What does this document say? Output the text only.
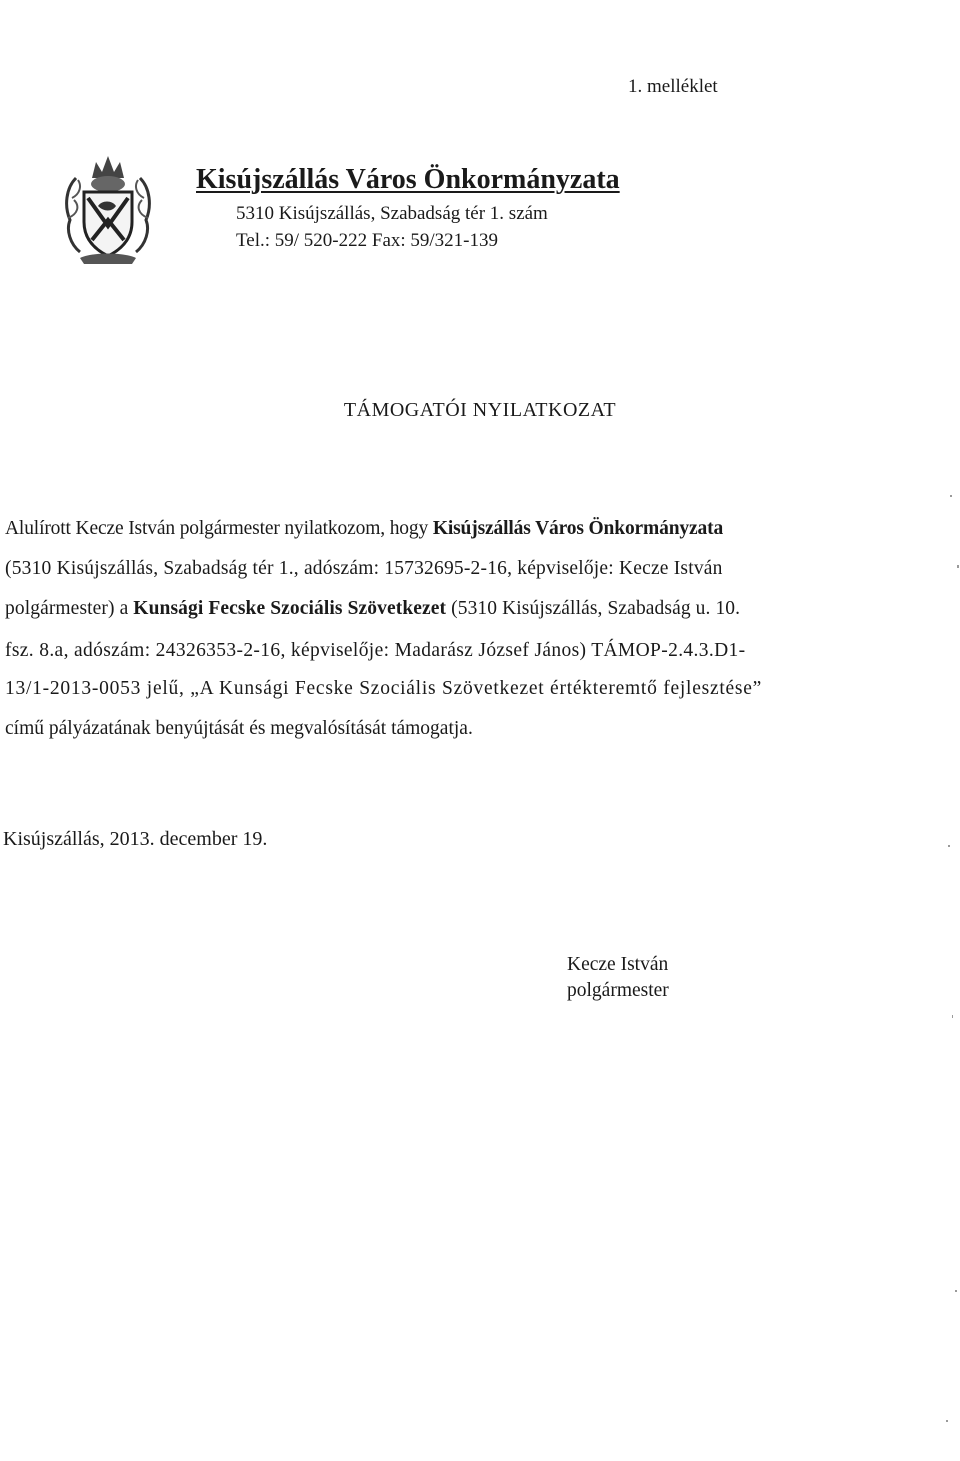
1. melléklet
Kisújszállás Város Önkormányzata
5310 Kisújszállás, Szabadság tér 1. szám
Tel.: 59/ 520-222 Fax: 59/321-139
TÁMOGATÓI NYILATKOZAT
Alulírott Kecze István polgármester nyilatkozom, hogy Kisújszállás Város Önkormányzata
(5310 Kisújszállás, Szabadság tér 1., adószám: 15732695-2-16, képviselője: Kecze István
polgármester) a Kunsági Fecske Szociális Szövetkezet (5310 Kisújszállás, Szabadság u. 10.
fsz. 8.a, adószám: 24326353-2-16, képviselője: Madarász József János) TÁMOP-2.4.3.D1-
13/1-2013-0053 jelű, „A Kunsági Fecske Szociális Szövetkezet értékteremtő fejlesztése”
című pályázatának benyújtását és megvalósítását támogatja.
Kisújszállás, 2013. december 19.
Kecze István
polgármester
